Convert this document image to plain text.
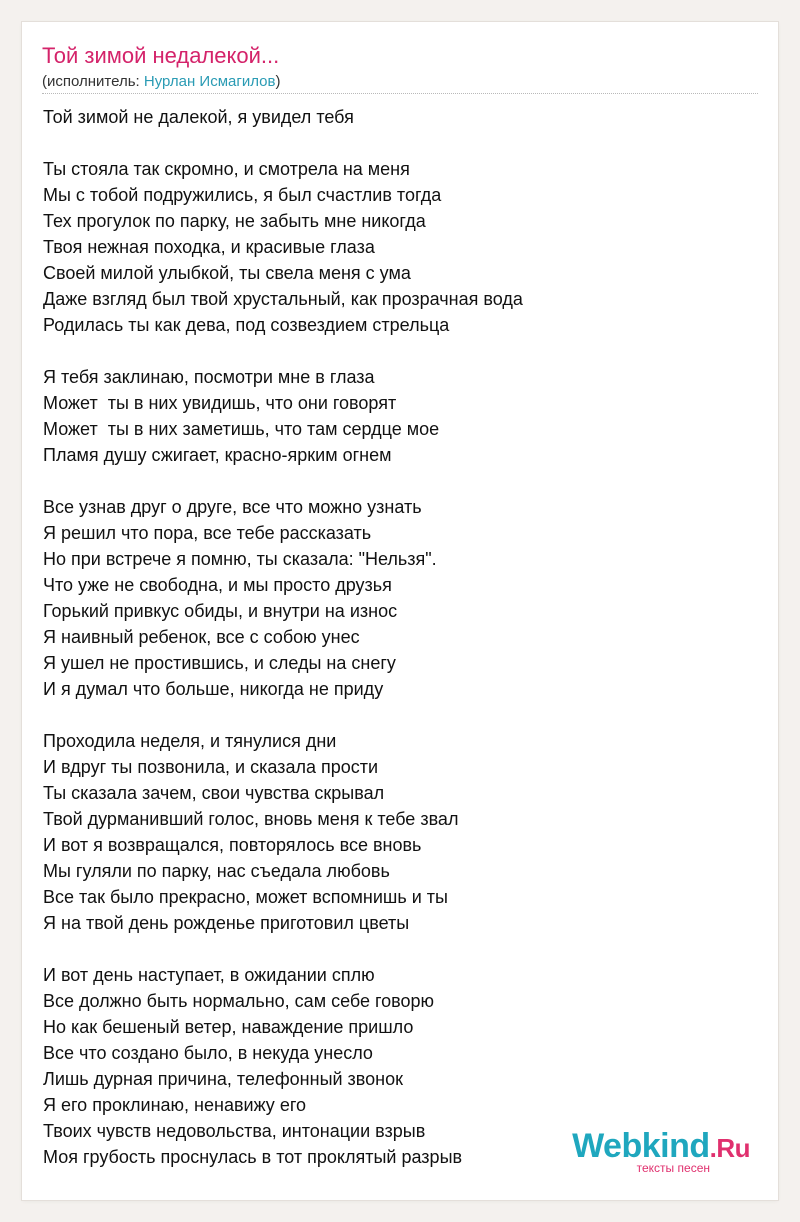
Той зимой недалекой...
(исполнитель: Нурлан Исмагилов)
Той зимой не далекой, я увидел тебя
Ты стояла так скромно, и смотрела на меня
Мы с тобой подружились, я был счастлив тогда
Тех прогулок по парку, не забыть мне никогда
Твоя нежная походка, и красивые глаза
Своей милой улыбкой, ты свела меня с ума
Даже взгляд был твой хрустальный, как прозрачная вода
Родилась ты как дева, под созвездием стрельца
Я тебя заклинаю, посмотри мне в глаза
Может  ты в них увидишь, что они говорят
Может  ты в них заметишь, что там сердце мое
Пламя душу сжигает, красно-ярким огнем
Все узнав друг о друге, все что можно узнать
Я решил что пора, все тебе рассказать
Но при встрече я помню, ты сказала: "Нельзя".
Что уже не свободна, и мы просто друзья
Горький привкус обиды, и внутри на износ
Я наивный ребенок, все с собою унес
Я ушел не простившись, и следы на снегу
И я думал что больше, никогда не приду
Проходила неделя, и тянулися дни
И вдруг ты позвонила, и сказала прости
Ты сказала зачем, свои чувства скрывал
Твой дурманивший голос, вновь меня к тебе звал
И вот я возвращался, повторялось все вновь
Мы гуляли по парку, нас съедала любовь
Все так было прекрасно, может вспомнишь и ты
Я на твой день рожденье приготовил цветы
И вот день наступает, в ожидании сплю
Все должно быть нормально, сам себе говорю
Но как бешеный ветер, наваждение пришло
Все что создано было, в некуда унесло
Лишь дурная причина, телефонный звонок
Я его проклинаю, ненавижу его
Твоих чувств недовольства, интонации взрыв
Моя грубость проснулась в тот проклятый разрыв	Webkind.Ru
тексты песен
